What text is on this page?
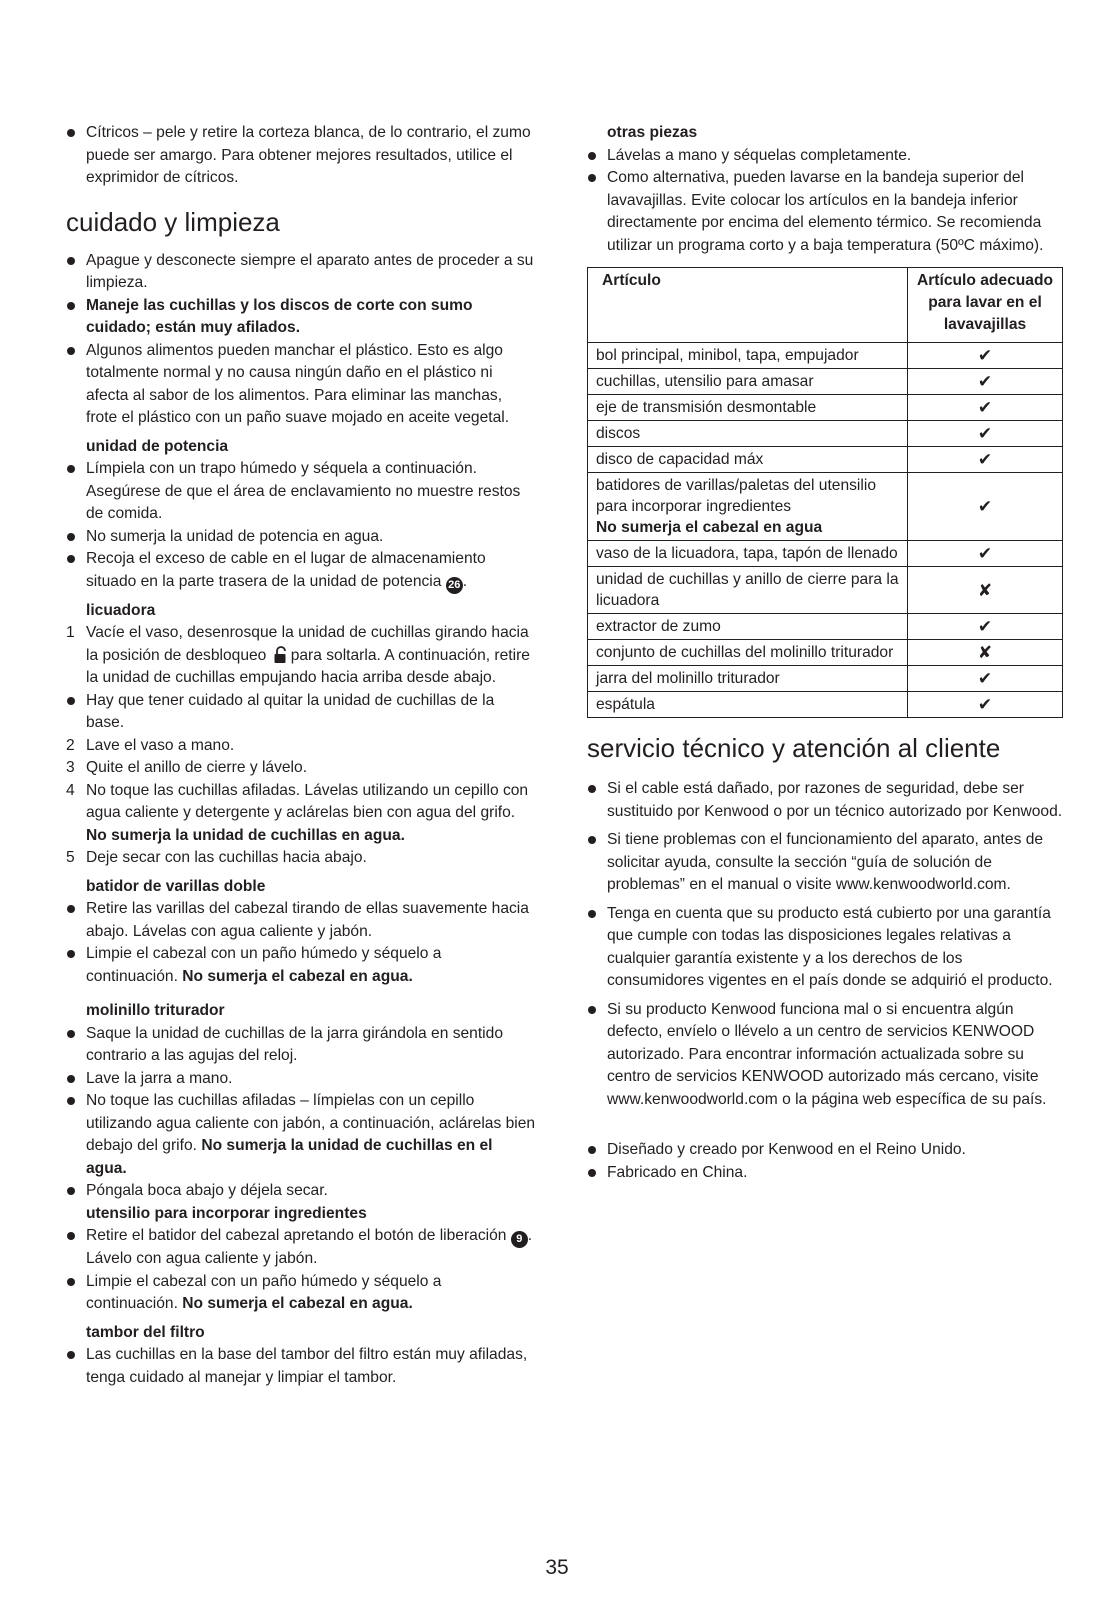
Cítricos – pele y retire la corteza blanca, de lo contrario, el zumo puede ser amargo. Para obtener mejores resultados, utilice el exprimidor de cítricos.
cuidado y limpieza
Apague y desconecte siempre el aparato antes de proceder a su limpieza.
Maneje las cuchillas y los discos de corte con sumo cuidado; están muy afilados.
Algunos alimentos pueden manchar el plástico. Esto es algo totalmente normal y no causa ningún daño en el plástico ni afecta al sabor de los alimentos. Para eliminar las manchas, frote el plástico con un paño suave mojado en aceite vegetal.
unidad de potencia
Límpiela con un trapo húmedo y séquela a continuación. Asegúrese de que el área de enclavamiento no muestre restos de comida.
No sumerja la unidad de potencia en agua.
Recoja el exceso de cable en el lugar de almacenamiento situado en la parte trasera de la unidad de potencia 26 .
licuadora
1 Vacíe el vaso, desenrosque la unidad de cuchillas girando hacia la posición de desbloqueo para soltarla. A continuación, retire la unidad de cuchillas empujando hacia arriba desde abajo.
Hay que tener cuidado al quitar la unidad de cuchillas de la base.
2 Lave el vaso a mano.
3 Quite el anillo de cierre y lávelo.
4 No toque las cuchillas afiladas. Lávelas utilizando un cepillo con agua caliente y detergente y aclárelas bien con agua del grifo. No sumerja la unidad de cuchillas en agua.
5 Deje secar con las cuchillas hacia abajo.
batidor de varillas doble
Retire las varillas del cabezal tirando de ellas suavemente hacia abajo. Lávelas con agua caliente y jabón.
Limpie el cabezal con un paño húmedo y séquelo a continuación. No sumerja el cabezal en agua.
molinillo triturador
Saque la unidad de cuchillas de la jarra girándola en sentido contrario a las agujas del reloj.
Lave la jarra a mano.
No toque las cuchillas afiladas – límpielas con un cepillo utilizando agua caliente con jabón, a continuación, aclárelas bien debajo del grifo. No sumerja la unidad de cuchillas en el agua.
Póngala boca abajo y déjela secar.
utensilio para incorporar ingredientes
Retire el batidor del cabezal apretando el botón de liberación 9 . Lávelo con agua caliente y jabón.
Limpie el cabezal con un paño húmedo y séquelo a continuación. No sumerja el cabezal en agua.
tambor del filtro
Las cuchillas en la base del tambor del filtro están muy afiladas, tenga cuidado al manejar y limpiar el tambor.
otras piezas
Lávelas a mano y séquelas completamente.
Como alternativa, pueden lavarse en la bandeja superior del lavavajillas. Evite colocar los artículos en la bandeja inferior directamente por encima del elemento térmico. Se recomienda utilizar un programa corto y a baja temperatura (50ºC máximo).
Artículo	Artículo adecuado para lavar en el lavavajillas
bol principal, minibol, tapa, empujador	✔
cuchillas, utensilio para amasar	✔
eje de transmisión desmontable	✔
discos	✔
disco de capacidad máx	✔
batidores de varillas/paletas del utensilio para incorporar ingredientes
No sumerja el cabezal en agua	✔
vaso de la licuadora, tapa, tapón de llenado	✔
unidad de cuchillas y anillo de cierre para la licuadora	✘
extractor de zumo	✔
conjunto de cuchillas del molinillo triturador	✘
jarra del molinillo triturador	✔
espátula	✔
servicio técnico y atención al cliente
Si el cable está dañado, por razones de seguridad, debe ser sustituido por Kenwood o por un técnico autorizado por Kenwood.
Si tiene problemas con el funcionamiento del aparato, antes de solicitar ayuda, consulte la sección “guía de solución de problemas” en el manual o visite www.kenwoodworld.com.
Tenga en cuenta que su producto está cubierto por una garantía que cumple con todas las disposiciones legales relativas a cualquier garantía existente y a los derechos de los consumidores vigentes en el país donde se adquirió el producto.
Si su producto Kenwood funciona mal o si encuentra algún defecto, envíelo o llévelo a un centro de servicios KENWOOD autorizado. Para encontrar información actualizada sobre su centro de servicios KENWOOD autorizado más cercano, visite www.kenwoodworld.com o la página web específica de su país.
Diseñado y creado por Kenwood en el Reino Unido.
Fabricado en China.
35
